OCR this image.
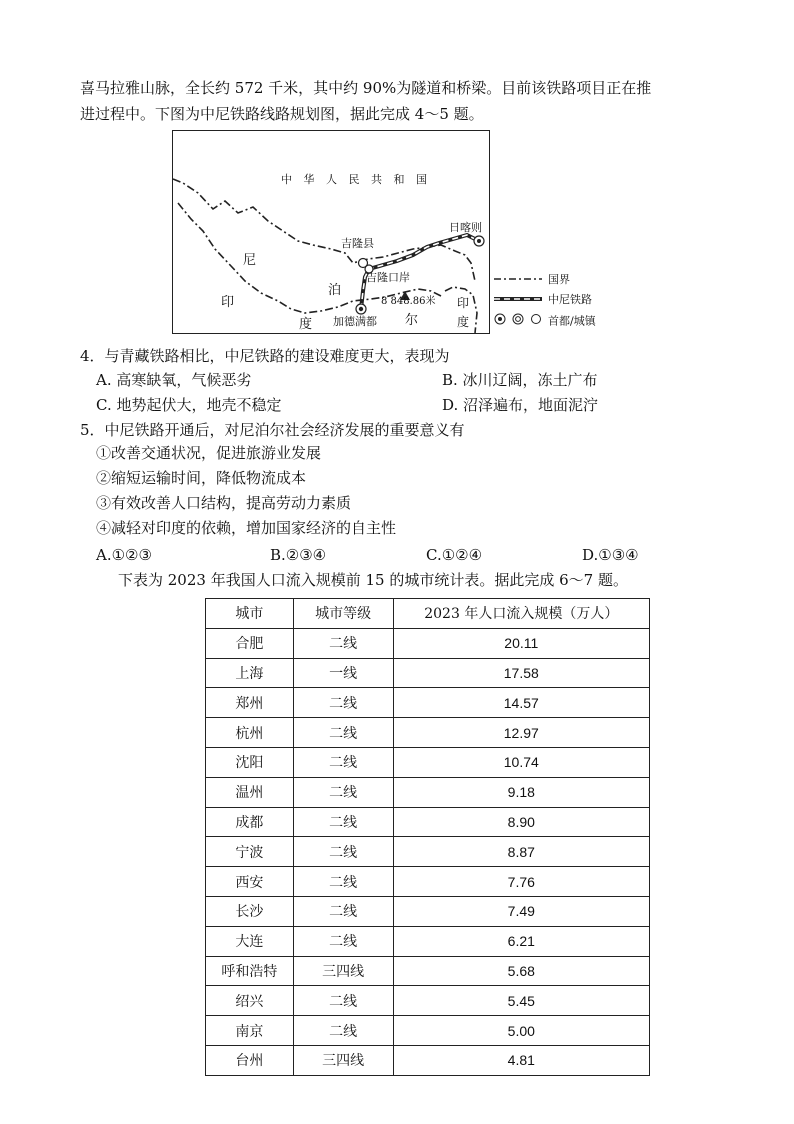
喜马拉雅山脉，全长约 572 千米，其中约 90%为隧道和桥梁。目前该铁路项目正在推
进过程中。下图为中尼铁路线路规划图，据此完成 4～5 题。
中 华 人 民 共 和 国
尼
泊
尔
印
度
印
度
日喀则
吉隆县
吉隆口岸
加德满都
8 848.86米
国界
中尼铁路
首都/城镇
4．与青藏铁路相比，中尼铁路的建设难度更大，表现为
A. 高寒缺氧，气候恶劣	B. 冰川辽阔，冻土广布
C. 地势起伏大，地壳不稳定	D. 沼泽遍布，地面泥泞
5．中尼铁路开通后，对尼泊尔社会经济发展的重要意义有
①改善交通状况，促进旅游业发展
②缩短运输时间，降低物流成本
③有效改善人口结构，提高劳动力素质
④减轻对印度的依赖，增加国家经济的自主性
A.①②③	B.②③④	C.①②④	D.①③④
下表为 2023 年我国人口流入规模前 15 的城市统计表。据此完成 6～7 题。
城市	城市等级	2023 年人口流入规模（万人）
合肥	二线	20.11
上海	一线	17.58
郑州	二线	14.57
杭州	二线	12.97
沈阳	二线	10.74
温州	二线	9.18
成都	二线	8.90
宁波	二线	8.87
西安	二线	7.76
长沙	二线	7.49
大连	二线	6.21
呼和浩特	三四线	5.68
绍兴	二线	5.45
南京	二线	5.00
台州	三四线	4.81
